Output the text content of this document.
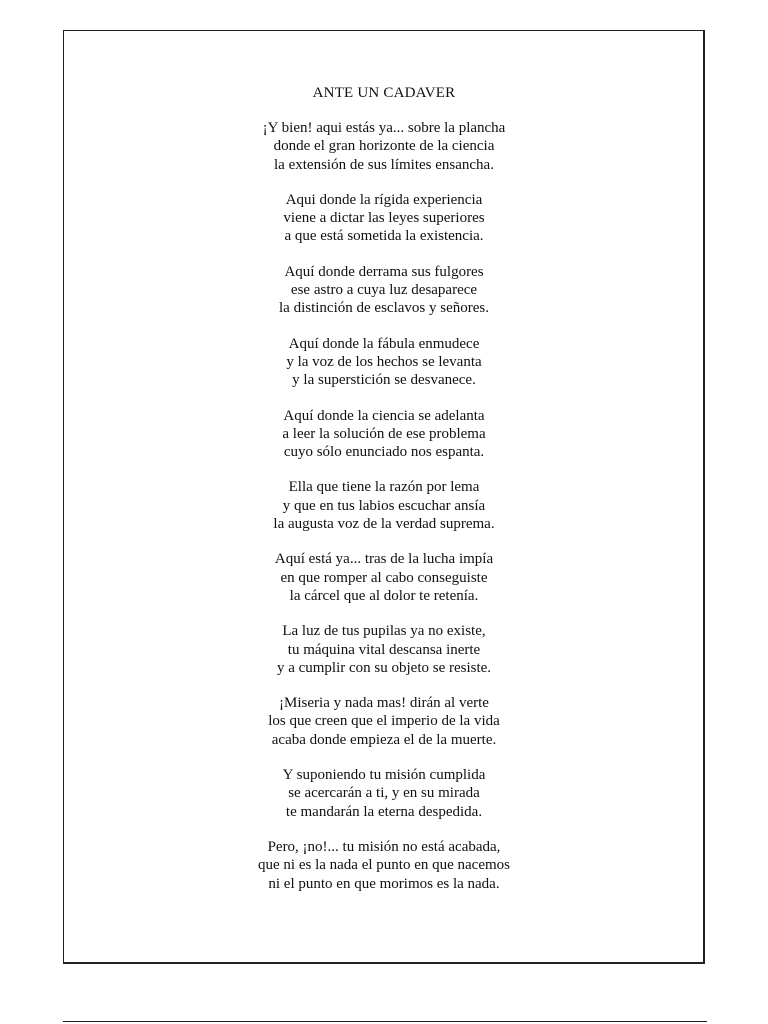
ANTE UN CADAVER
¡Y bien! aqui estás ya... sobre la plancha
donde el gran horizonte de la ciencia
la extensión de sus límites ensancha.
Aqui donde la rígida experiencia
viene a dictar las leyes superiores
a que está sometida la existencia.
Aquí donde derrama sus fulgores
ese astro a cuya luz desaparece
la distinción de esclavos y señores.
Aquí donde la fábula enmudece
y la voz de los hechos se levanta
y la superstición se desvanece.
Aquí donde la ciencia se adelanta
a leer la solución de ese problema
cuyo sólo enunciado nos espanta.
Ella que tiene la razón por lema
y que en tus labios escuchar ansía
la augusta voz de la verdad suprema.
Aquí está ya... tras de la lucha impía
en que romper al cabo conseguiste
la cárcel que al dolor te retenía.
La luz de tus pupilas ya no existe,
tu máquina vital descansa inerte
y a cumplir con su objeto se resiste.
¡Miseria y nada mas! dirán al verte
los que creen que el imperio de la vida
acaba donde empieza el de la muerte.
Y suponiendo tu misión cumplida
se acercarán a ti, y en su mirada
te mandarán la eterna despedida.
Pero, ¡no!... tu misión no está acabada,
que ni es la nada el punto en que nacemos
ni el punto en que morimos es la nada.
